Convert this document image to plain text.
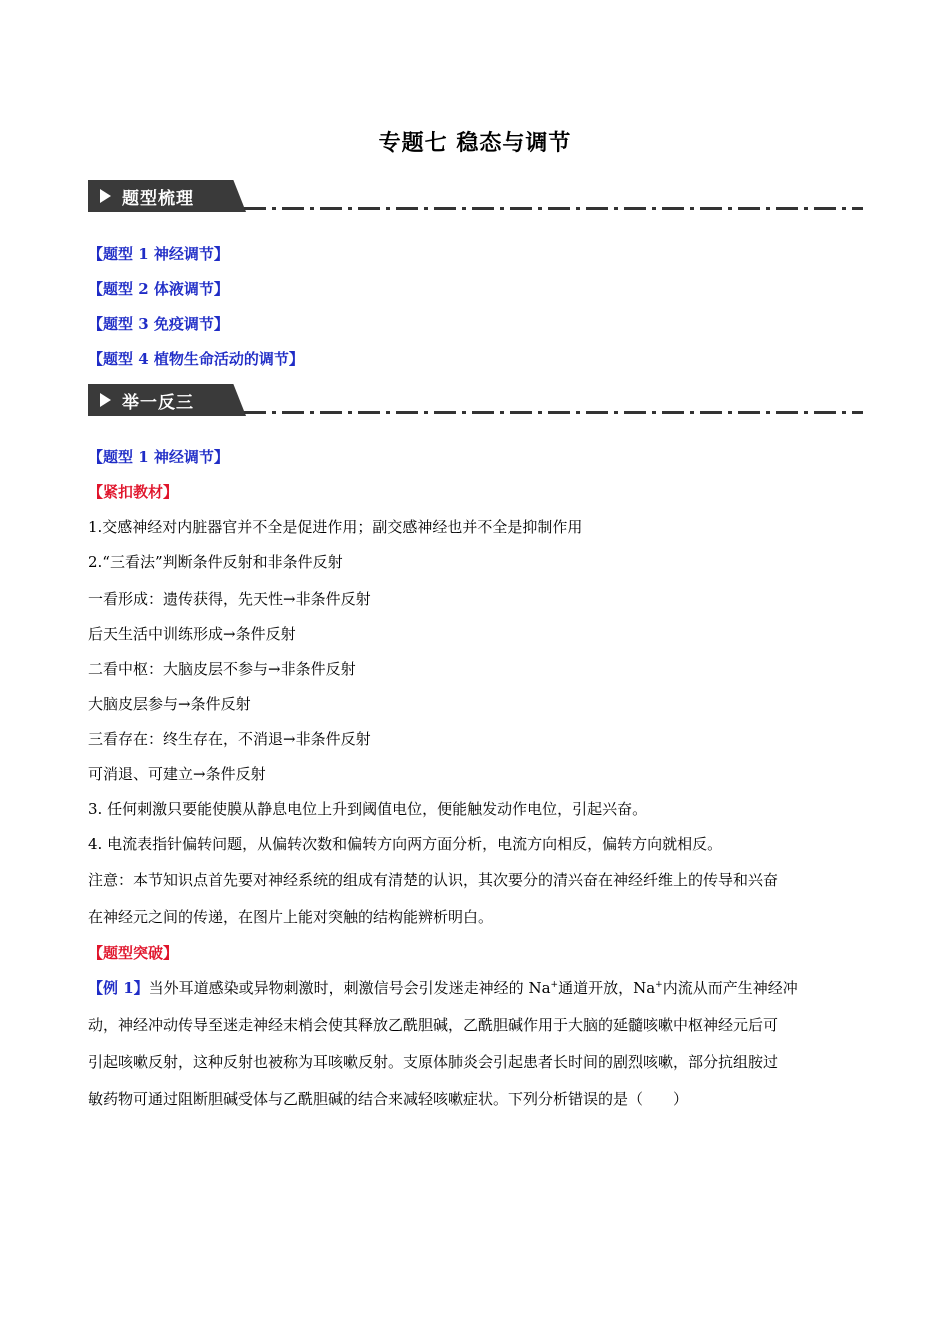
专题七 稳态与调节
题型梳理
【题型 1 神经调节】
【题型 2 体液调节】
【题型 3 免疫调节】
【题型 4 植物生命活动的调节】
举一反三
【题型 1 神经调节】
【紧扣教材】
1.交感神经对内脏器官并不全是促进作用；副交感神经也并不全是抑制作用
2.“三看法”判断条件反射和非条件反射
一看形成：遗传获得，先天性→非条件反射
后天生活中训练形成→条件反射
二看中枢：大脑皮层不参与→非条件反射
大脑皮层参与→条件反射
三看存在：终生存在，不消退→非条件反射
可消退、可建立→条件反射
3. 任何刺激只要能使膜从静息电位上升到阈值电位，便能触发动作电位，引起兴奋。
4. 电流表指针偏转问题，从偏转次数和偏转方向两方面分析，电流方向相反，偏转方向就相反。
注意：本节知识点首先要对神经系统的组成有清楚的认识，其次要分的清兴奋在神经纤维上的传导和兴奋
在神经元之间的传递，在图片上能对突触的结构能辨析明白。
【题型突破】
【例 1】当外耳道感染或异物刺激时，刺激信号会引发迷走神经的 Na+通道开放，Na+内流从而产生神经冲
动，神经冲动传导至迷走神经末梢会使其释放乙酰胆碱，乙酰胆碱作用于大脑的延髓咳嗽中枢神经元后可
引起咳嗽反射，这种反射也被称为耳咳嗽反射。支原体肺炎会引起患者长时间的剧烈咳嗽，部分抗组胺过
敏药物可通过阻断胆碱受体与乙酰胆碱的结合来减轻咳嗽症状。下列分析错误的是（　　）
